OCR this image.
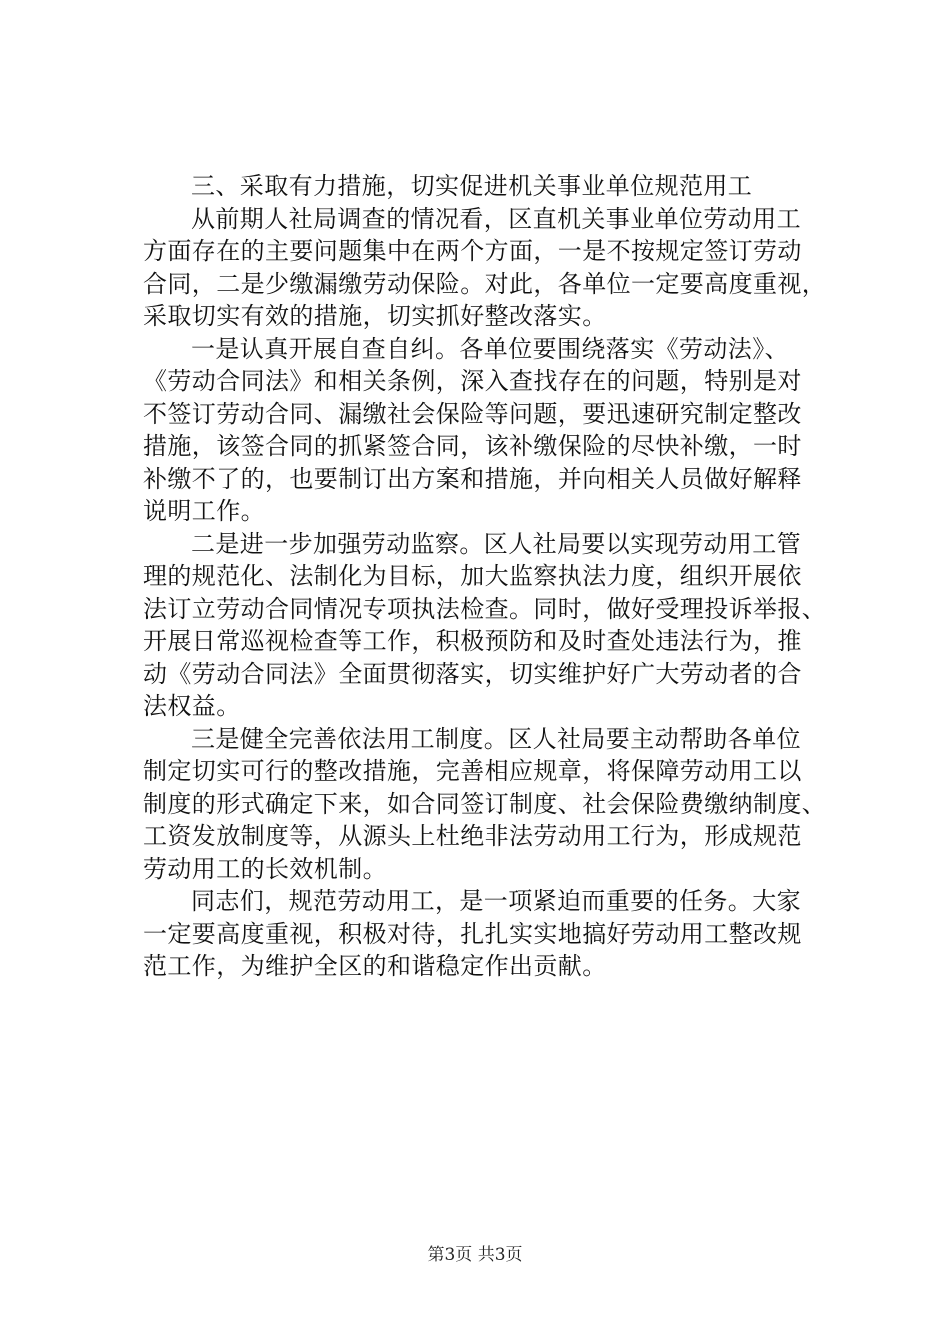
三、采取有力措施，切实促进机关事业单位规范用工
从前期人社局调查的情况看，区直机关事业单位劳动用工
方面存在的主要问题集中在两个方面，一是不按规定签订劳动
合同，二是少缴漏缴劳动保险。对此，各单位一定要高度重视，
采取切实有效的措施，切实抓好整改落实。
一是认真开展自查自纠。各单位要围绕落实《劳动法》、
《劳动合同法》和相关条例，深入查找存在的问题，特别是对
不签订劳动合同、漏缴社会保险等问题，要迅速研究制定整改
措施，该签合同的抓紧签合同，该补缴保险的尽快补缴，一时
补缴不了的，也要制订出方案和措施，并向相关人员做好解释
说明工作。
二是进一步加强劳动监察。区人社局要以实现劳动用工管
理的规范化、法制化为目标，加大监察执法力度，组织开展依
法订立劳动合同情况专项执法检查。同时，做好受理投诉举报、
开展日常巡视检查等工作，积极预防和及时查处违法行为，推
动《劳动合同法》全面贯彻落实，切实维护好广大劳动者的合
法权益。
三是健全完善依法用工制度。区人社局要主动帮助各单位
制定切实可行的整改措施，完善相应规章，将保障劳动用工以
制度的形式确定下来，如合同签订制度、社会保险费缴纳制度、
工资发放制度等，从源头上杜绝非法劳动用工行为，形成规范
劳动用工的长效机制。
同志们，规范劳动用工，是一项紧迫而重要的任务。大家
一定要高度重视，积极对待，扎扎实实地搞好劳动用工整改规
范工作，为维护全区的和谐稳定作出贡献。
第3页 共3页
